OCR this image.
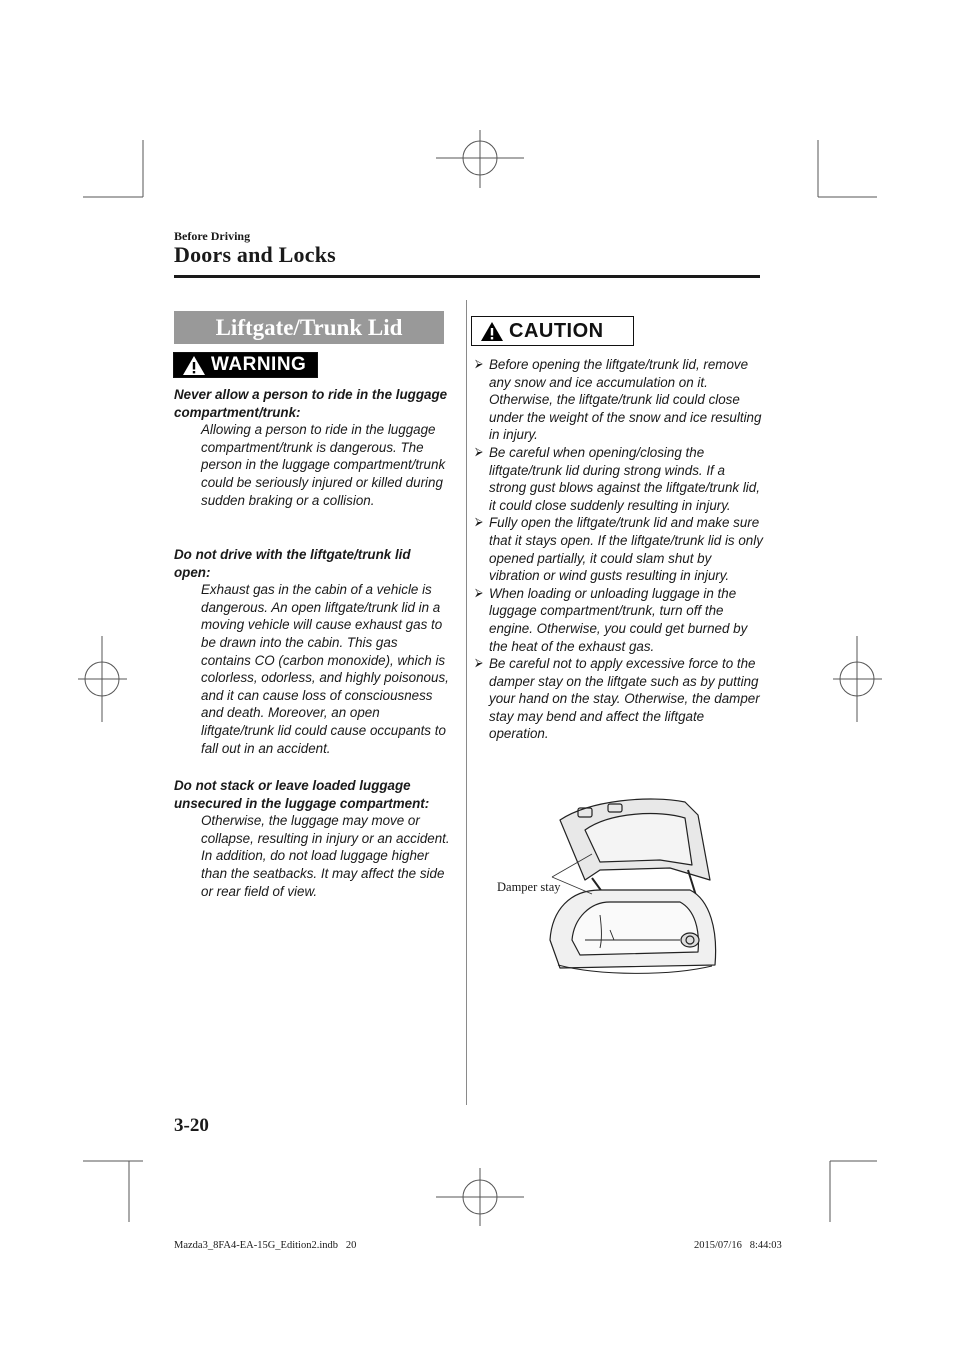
Before Driving
Doors and Locks
Liftgate/Trunk Lid
WARNING
Never allow a person to ride in the luggage compartment/trunk:
Allowing a person to ride in the luggage compartment/trunk is dangerous. The person in the luggage compartment/trunk could be seriously injured or killed during sudden braking or a collision.
Do not drive with the liftgate/trunk lid open:
Exhaust gas in the cabin of a vehicle is dangerous. An open liftgate/trunk lid in a moving vehicle will cause exhaust gas to be drawn into the cabin. This gas contains CO (carbon monoxide), which is colorless, odorless, and highly poisonous, and it can cause loss of consciousness and death. Moreover, an open liftgate/trunk lid could cause occupants to fall out in an accident.
Do not stack or leave loaded luggage unsecured in the luggage compartment:
Otherwise, the luggage may move or collapse, resulting in injury or an accident. In addition, do not load luggage higher than the seatbacks. It may affect the side or rear field of view.
CAUTION
⮚ Before opening the liftgate/trunk lid, remove any snow and ice accumulation on it. Otherwise, the liftgate/trunk lid could close under the weight of the snow and ice resulting in injury.
⮚ Be careful when opening/closing the liftgate/trunk lid during strong winds. If a strong gust blows against the liftgate/trunk lid, it could close suddenly resulting in injury.
⮚ Fully open the liftgate/trunk lid and make sure that it stays open. If the liftgate/trunk lid is only opened partially, it could slam shut by vibration or wind gusts resulting in injury.
⮚ When loading or unloading luggage in the luggage compartment/trunk, turn off the engine. Otherwise, you could get burned by the heat of the exhaust gas.
⮚ Be careful not to apply excessive force to the damper stay on the liftgate such as by putting your hand on the stay. Otherwise, the damper stay may bend and affect the liftgate operation.
Damper stay
3-20
Mazda3_8FA4-EA-15G_Edition2.indb   20	2015/07/16   8:44:03
